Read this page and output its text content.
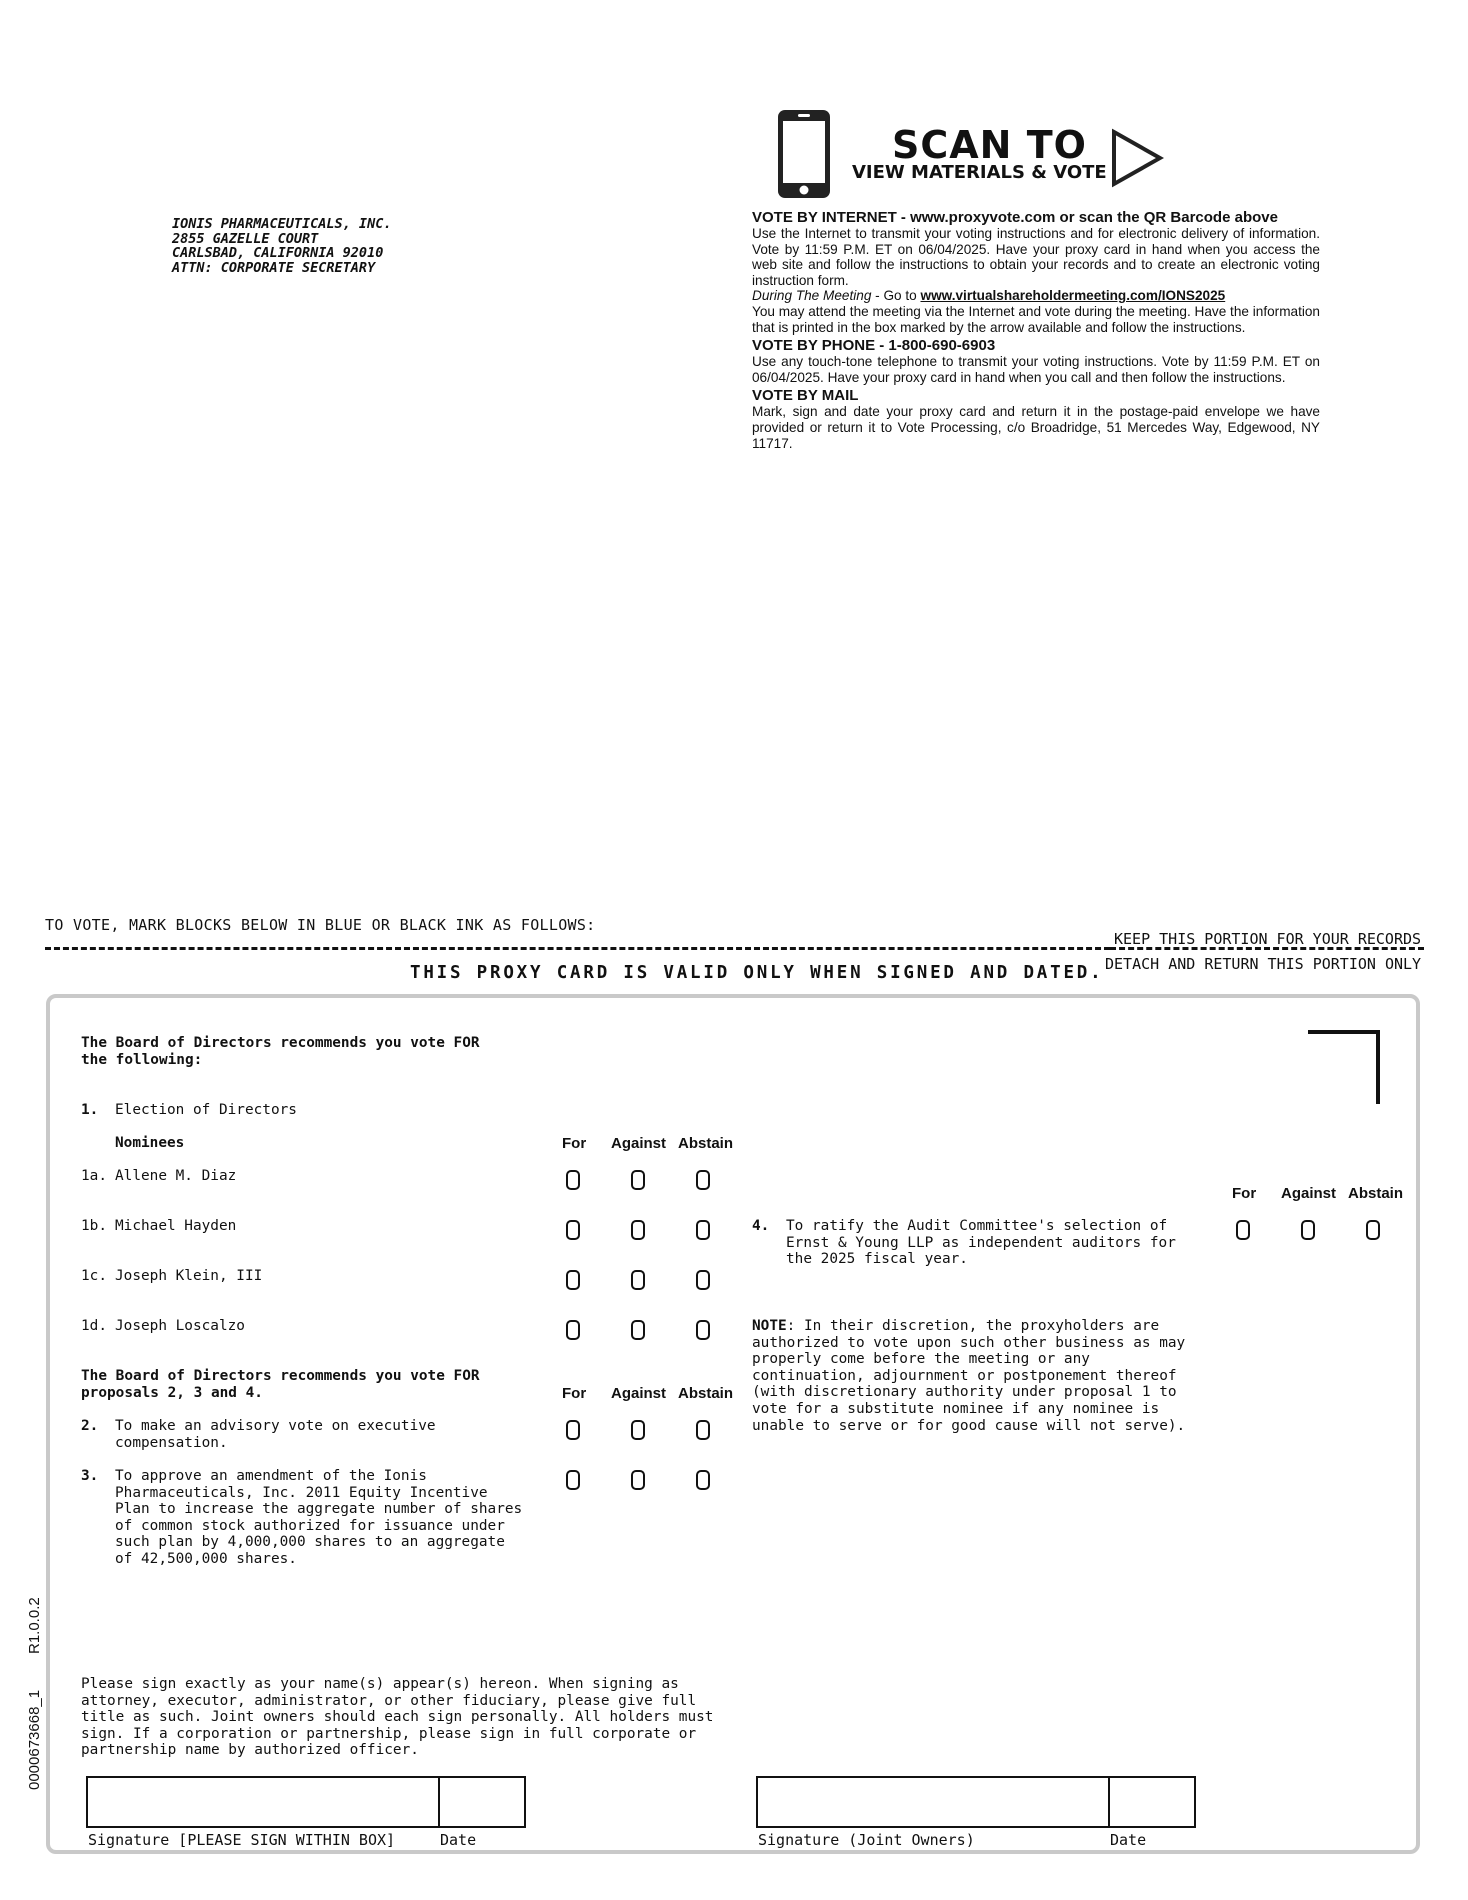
IONIS PHARMACEUTICALS, INC.
2855 GAZELLE COURT
CARLSBAD, CALIFORNIA 92010
ATTN: CORPORATE SECRETARY
SCAN TO
VIEW MATERIALS & VOTE
VOTE BY INTERNET - www.proxyvote.com or scan the QR Barcode above

Use the Internet to transmit your voting instructions and for electronic delivery of information. Vote by 11:59 P.M. ET on 06/04/2025. Have your proxy card in hand when you access the web site and follow the instructions to obtain your records and to create an electronic voting instruction form.

During The Meeting - Go to www.virtualshareholdermeeting.com/IONS2025

You may attend the meeting via the Internet and vote during the meeting. Have the information that is printed in the box marked by the arrow available and follow the instructions.

VOTE BY PHONE - 1-800-690-6903

Use any touch-tone telephone to transmit your voting instructions. Vote by 11:59 P.M. ET on 06/04/2025. Have your proxy card in hand when you call and then follow the instructions.

VOTE BY MAIL

Mark, sign and date your proxy card and return it in the postage-paid envelope we have provided or return it to Vote Processing, c/o Broadridge, 51 Mercedes Way, Edgewood, NY 11717.

TO VOTE, MARK BLOCKS BELOW IN BLUE OR BLACK INK AS FOLLOWS:
KEEP THIS PORTION FOR YOUR RECORDS
DETACH AND RETURN THIS PORTION ONLY
THIS PROXY CARD IS VALID ONLY WHEN SIGNED AND DATED.
The Board of Directors recommends you vote FOR
the following:
1. Election of Directors
Nominees	For Against Abstain
1a. Allene M. Diaz
1b. Michael Hayden
1c. Joseph Klein, III
1d. Joseph Loscalzo
The Board of Directors recommends you vote FOR
proposals 2, 3 and 4.	For Against Abstain
2. To make an advisory vote on executive
compensation.
3. To approve an amendment of the Ionis
Pharmaceuticals, Inc. 2011 Equity Incentive
Plan to increase the aggregate number of shares
of common stock authorized for issuance under
such plan by 4,000,000 shares to an aggregate
of 42,500,000 shares.
For Against Abstain
4. To ratify the Audit Committee's selection of
Ernst & Young LLP as independent auditors for
the 2025 fiscal year.
NOTE: In their discretion, the proxyholders are
authorized to vote upon such other business as may
properly come before the meeting or any
continuation, adjournment or postponement thereof
(with discretionary authority under proposal 1 to
vote for a substitute nominee if any nominee is
unable to serve or for good cause will not serve).
Please sign exactly as your name(s) appear(s) hereon. When signing as
attorney, executor, administrator, or other fiduciary, please give full
title as such. Joint owners should each sign personally. All holders must
sign. If a corporation or partnership, please sign in full corporate or
partnership name by authorized officer.
Signature [PLEASE SIGN WITHIN BOX]	Date	Signature (Joint Owners)	Date
0000673668_1
R1.0.0.2
